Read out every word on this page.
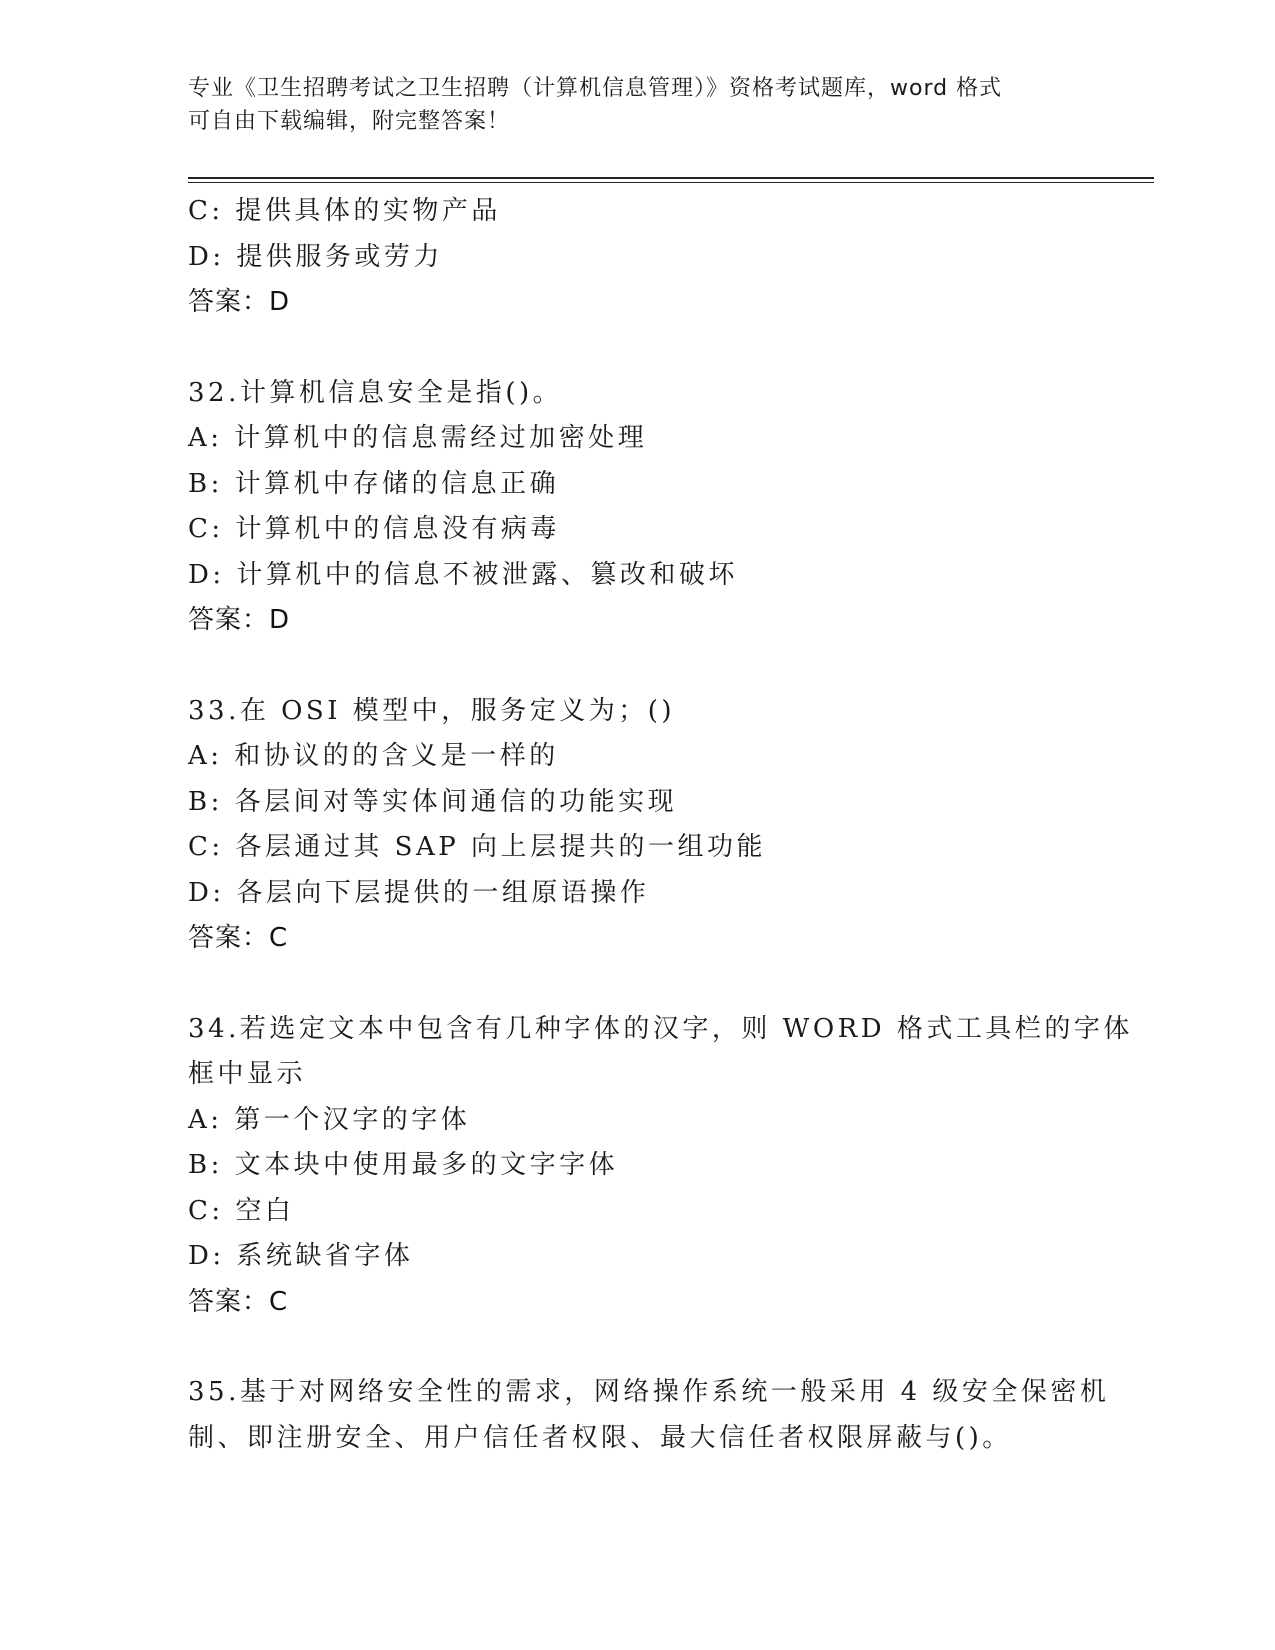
专业《卫生招聘考试之卫生招聘（计算机信息管理）》资格考试题库，word 格式
可自由下载编辑，附完整答案！
C: 提供具体的实物产品
D: 提供服务或劳力
答案：D
32.计算机信息安全是指()。
A: 计算机中的信息需经过加密处理
B: 计算机中存储的信息正确
C: 计算机中的信息没有病毒
D: 计算机中的信息不被泄露、篡改和破坏
答案：D
33.在 OSI 模型中，服务定义为；()
A: 和协议的的含义是一样的
B: 各层间对等实体间通信的功能实现
C: 各层通过其 SAP 向上层提共的一组功能
D: 各层向下层提供的一组原语操作
答案：C
34.若选定文本中包含有几种字体的汉字，则 WORD 格式工具栏的字体
框中显示
A: 第一个汉字的字体
B: 文本块中使用最多的文字字体
C: 空白
D: 系统缺省字体
答案：C
35.基于对网络安全性的需求，网络操作系统一般采用 4 级安全保密机
制、即注册安全、用户信任者权限、最大信任者权限屏蔽与()。
